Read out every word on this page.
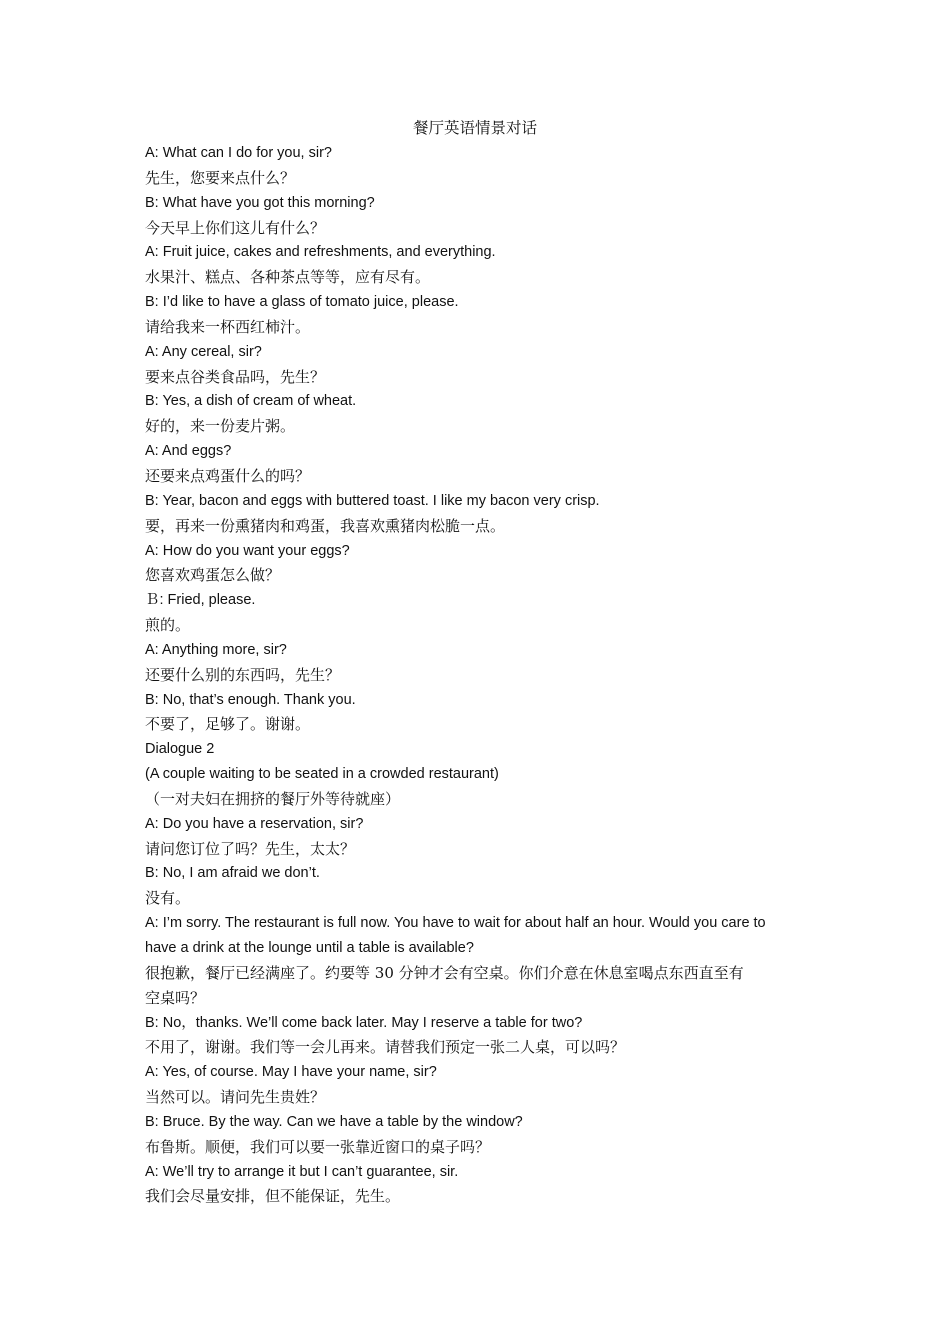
餐厅英语情景对话
A: What can I do for you, sir?
先生，您要来点什么？
B: What have you got this morning?
今天早上你们这儿有什么？
A: Fruit juice, cakes and refreshments, and everything.
水果汁、糕点、各种茶点等等，应有尽有。
B: I’d like to have a glass of tomato juice, please.
请给我来一杯西红柿汁。
A: Any cereal, sir?
要来点谷类食品吗，先生？
B: Yes, a dish of cream of wheat.
好的，来一份麦片粥。
A: And eggs?
还要来点鸡蛋什么的吗？
B: Year, bacon and eggs with buttered toast. I like my bacon very crisp.
要，再来一份熏猪肉和鸡蛋，我喜欢熏猪肉松脆一点。
A: How do you want your eggs?
您喜欢鸡蛋怎么做？
Ｂ: Fried, please.
煎的。
A: Anything more, sir?
还要什么别的东西吗，先生？
B: No, that’s enough. Thank you.
不要了，足够了。谢谢。
Dialogue 2
(A couple waiting to be seated in a crowded restaurant)
（一对夫妇在拥挤的餐厅外等待就座）
A: Do you have a reservation, sir?
请问您订位了吗？先生，太太？
B: No, I am afraid we don’t.
没有。
A: I’m sorry. The restaurant is full now. You have to wait for about half an hour. Would you care to
have a drink at the lounge until a table is available?
很抱歉，餐厅已经满座了。约要等 30 分钟才会有空桌。你们介意在休息室喝点东西直至有
空桌吗？
B: No，thanks. We’ll come back later. May I reserve a table for two?
不用了，谢谢。我们等一会儿再来。请替我们预定一张二人桌，可以吗？
A: Yes, of course. May I have your name, sir?
当然可以。请问先生贵姓？
B: Bruce. By the way. Can we have a table by the window?
布鲁斯。顺便，我们可以要一张靠近窗口的桌子吗？
A: We’ll try to arrange it but I can’t guarantee, sir.
我们会尽量安排，但不能保证，先生。
